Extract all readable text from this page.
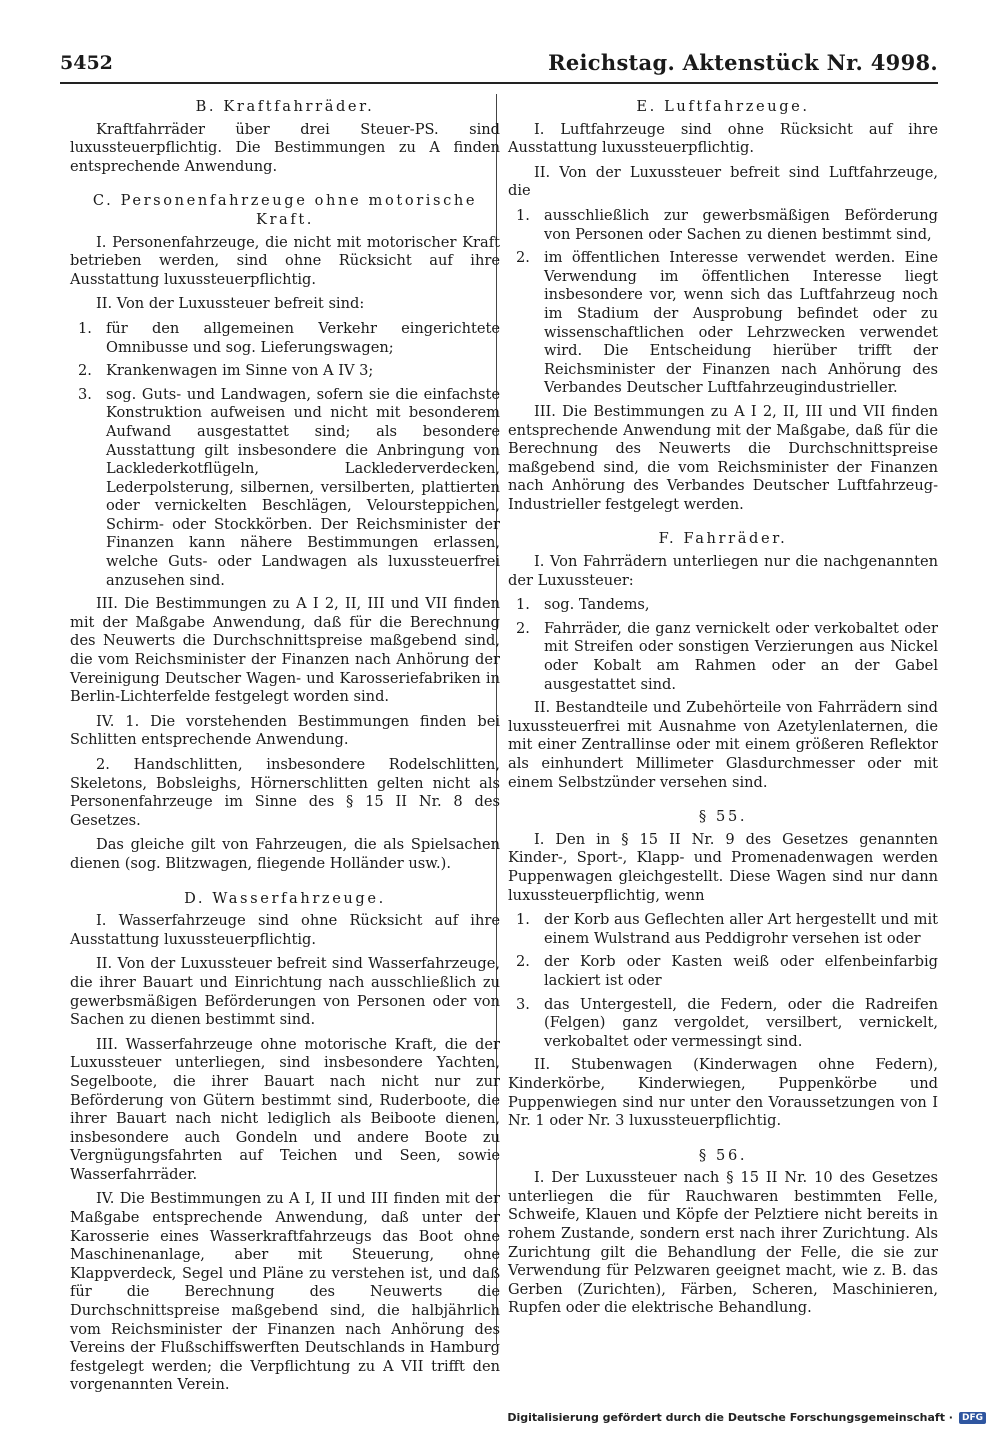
5452	Reichstag. Aktenstück Nr. 4998.
B. Kraftfahrräder.

Kraftfahrräder über drei Steuer-PS. sind luxussteuerpflichtig. Die Bestimmungen zu A finden entsprechende Anwendung.

C. Personenfahrzeuge ohne motorische Kraft.

I. Personenfahrzeuge, die nicht mit motorischer Kraft betrieben werden, sind ohne Rücksicht auf ihre Ausstattung luxussteuerpflichtig.

II. Von der Luxussteuer befreit sind:

1. für den allgemeinen Verkehr eingerichtete Omnibusse und sog. Lieferungswagen;
2. Krankenwagen im Sinne von A IV 3;
3. sog. Guts- und Landwagen, sofern sie die einfachste Konstruktion aufweisen und nicht mit besonderem Aufwand ausgestattet sind; als besondere Ausstattung gilt insbesondere die Anbringung von Lacklederkotflügeln, Lacklederverdecken, Lederpolsterung, silbernen, versilberten, plattierten oder vernickelten Beschlägen, Veloursteppichen, Schirm- oder Stockkörben. Der Reichsminister der Finanzen kann nähere Bestimmungen erlassen, welche Guts- oder Landwagen als luxussteuerfrei anzusehen sind.

III. Die Bestimmungen zu A I 2, II, III und VII finden mit der Maßgabe Anwendung, daß für die Berechnung des Neuwerts die Durchschnittspreise maßgebend sind, die vom Reichsminister der Finanzen nach Anhörung der Vereinigung Deutscher Wagen- und Karosseriefabriken in Berlin-Lichterfelde festgelegt worden sind.

IV. 1. Die vorstehenden Bestimmungen finden bei Schlitten entsprechende Anwendung.

2. Handschlitten, insbesondere Rodelschlitten, Skeletons, Bobsleighs, Hörnerschlitten gelten nicht als Personenfahrzeuge im Sinne des § 15 II Nr. 8 des Gesetzes.

Das gleiche gilt von Fahrzeugen, die als Spielsachen dienen (sog. Blitzwagen, fliegende Holländer usw.).

D. Wasserfahrzeuge.

I. Wasserfahrzeuge sind ohne Rücksicht auf ihre Ausstattung luxussteuerpflichtig.

II. Von der Luxussteuer befreit sind Wasserfahrzeuge, die ihrer Bauart und Einrichtung nach ausschließlich zu gewerbsmäßigen Beförderungen von Personen oder von Sachen zu dienen bestimmt sind.

III. Wasserfahrzeuge ohne motorische Kraft, die der Luxussteuer unterliegen, sind insbesondere Yachten, Segelboote, die ihrer Bauart nach nicht nur zur Beförderung von Gütern bestimmt sind, Ruderboote, die ihrer Bauart nach nicht lediglich als Beiboote dienen, insbesondere auch Gondeln und andere Boote zu Vergnügungsfahrten auf Teichen und Seen, sowie Wasserfahrräder.

IV. Die Bestimmungen zu A I, II und III finden mit der Maßgabe entsprechende Anwendung, daß unter der Karosserie eines Wasserkraftfahrzeugs das Boot ohne Maschinenanlage, aber mit Steuerung, ohne Klappverdeck, Segel und Pläne zu verstehen ist, und daß für die Berechnung des Neuwerts die Durchschnittspreise maßgebend sind, die halbjährlich vom Reichsminister der Finanzen nach Anhörung des Vereins der Flußschiffswerften Deutschlands in Hamburg festgelegt werden; die Verpflichtung zu A VII trifft den vorgenannten Verein.

E. Luftfahrzeuge.

I. Luftfahrzeuge sind ohne Rücksicht auf ihre Ausstattung luxussteuerpflichtig.

II. Von der Luxussteuer befreit sind Luftfahrzeuge, die

1. ausschließlich zur gewerbsmäßigen Beförderung von Personen oder Sachen zu dienen bestimmt sind,
2. im öffentlichen Interesse verwendet werden. Eine Verwendung im öffentlichen Interesse liegt insbesondere vor, wenn sich das Luftfahrzeug noch im Stadium der Ausprobung befindet oder zu wissenschaftlichen oder Lehrzwecken verwendet wird. Die Entscheidung hierüber trifft der Reichsminister der Finanzen nach Anhörung des Verbandes Deutscher Luftfahrzeugindustrieller.

III. Die Bestimmungen zu A I 2, II, III und VII finden entsprechende Anwendung mit der Maßgabe, daß für die Berechnung des Neuwerts die Durchschnittspreise maßgebend sind, die vom Reichsminister der Finanzen nach Anhörung des Verbandes Deutscher Luftfahrzeug-Industrieller festgelegt werden.

F. Fahrräder.

I. Von Fahrrädern unterliegen nur die nachgenannten der Luxussteuer:

1. sog. Tandems,
2. Fahrräder, die ganz vernickelt oder verkobaltet oder mit Streifen oder sonstigen Verzierungen aus Nickel oder Kobalt am Rahmen oder an der Gabel ausgestattet sind.

II. Bestandteile und Zubehörteile von Fahrrädern sind luxussteuerfrei mit Ausnahme von Azetylenlaternen, die mit einer Zentrallinse oder mit einem größeren Reflektor als einhundert Millimeter Glasdurchmesser oder mit einem Selbstzünder versehen sind.

§ 55.

I. Den in § 15 II Nr. 9 des Gesetzes genannten Kinder-, Sport-, Klapp- und Promenadenwagen werden Puppenwagen gleichgestellt. Diese Wagen sind nur dann luxussteuerpflichtig, wenn

1. der Korb aus Geflechten aller Art hergestellt und mit einem Wulstrand aus Peddigrohr versehen ist oder
2. der Korb oder Kasten weiß oder elfenbeinfarbig lackiert ist oder
3. das Untergestell, die Federn, oder die Radreifen (Felgen) ganz vergoldet, versilbert, vernickelt, verkobaltet oder vermessingt sind.

II. Stubenwagen (Kinderwagen ohne Federn), Kinderkörbe, Kinderwiegen, Puppenkörbe und Puppenwiegen sind nur unter den Voraussetzungen von I Nr. 1 oder Nr. 3 luxussteuerpflichtig.

§ 56.

I. Der Luxussteuer nach § 15 II Nr. 10 des Gesetzes unterliegen die für Rauchwaren bestimmten Felle, Schweife, Klauen und Köpfe der Pelztiere nicht bereits in rohem Zustande, sondern erst nach ihrer Zurichtung. Als Zurichtung gilt die Behandlung der Felle, die sie zur Verwendung für Pelzwaren geeignet macht, wie z. B. das Gerben (Zurichten), Färben, Scheren, Maschinieren, Rupfen oder die elektrische Behandlung.

Digitalisierung gefördert durch die Deutsche Forschungsgemeinschaft ·	DFG
